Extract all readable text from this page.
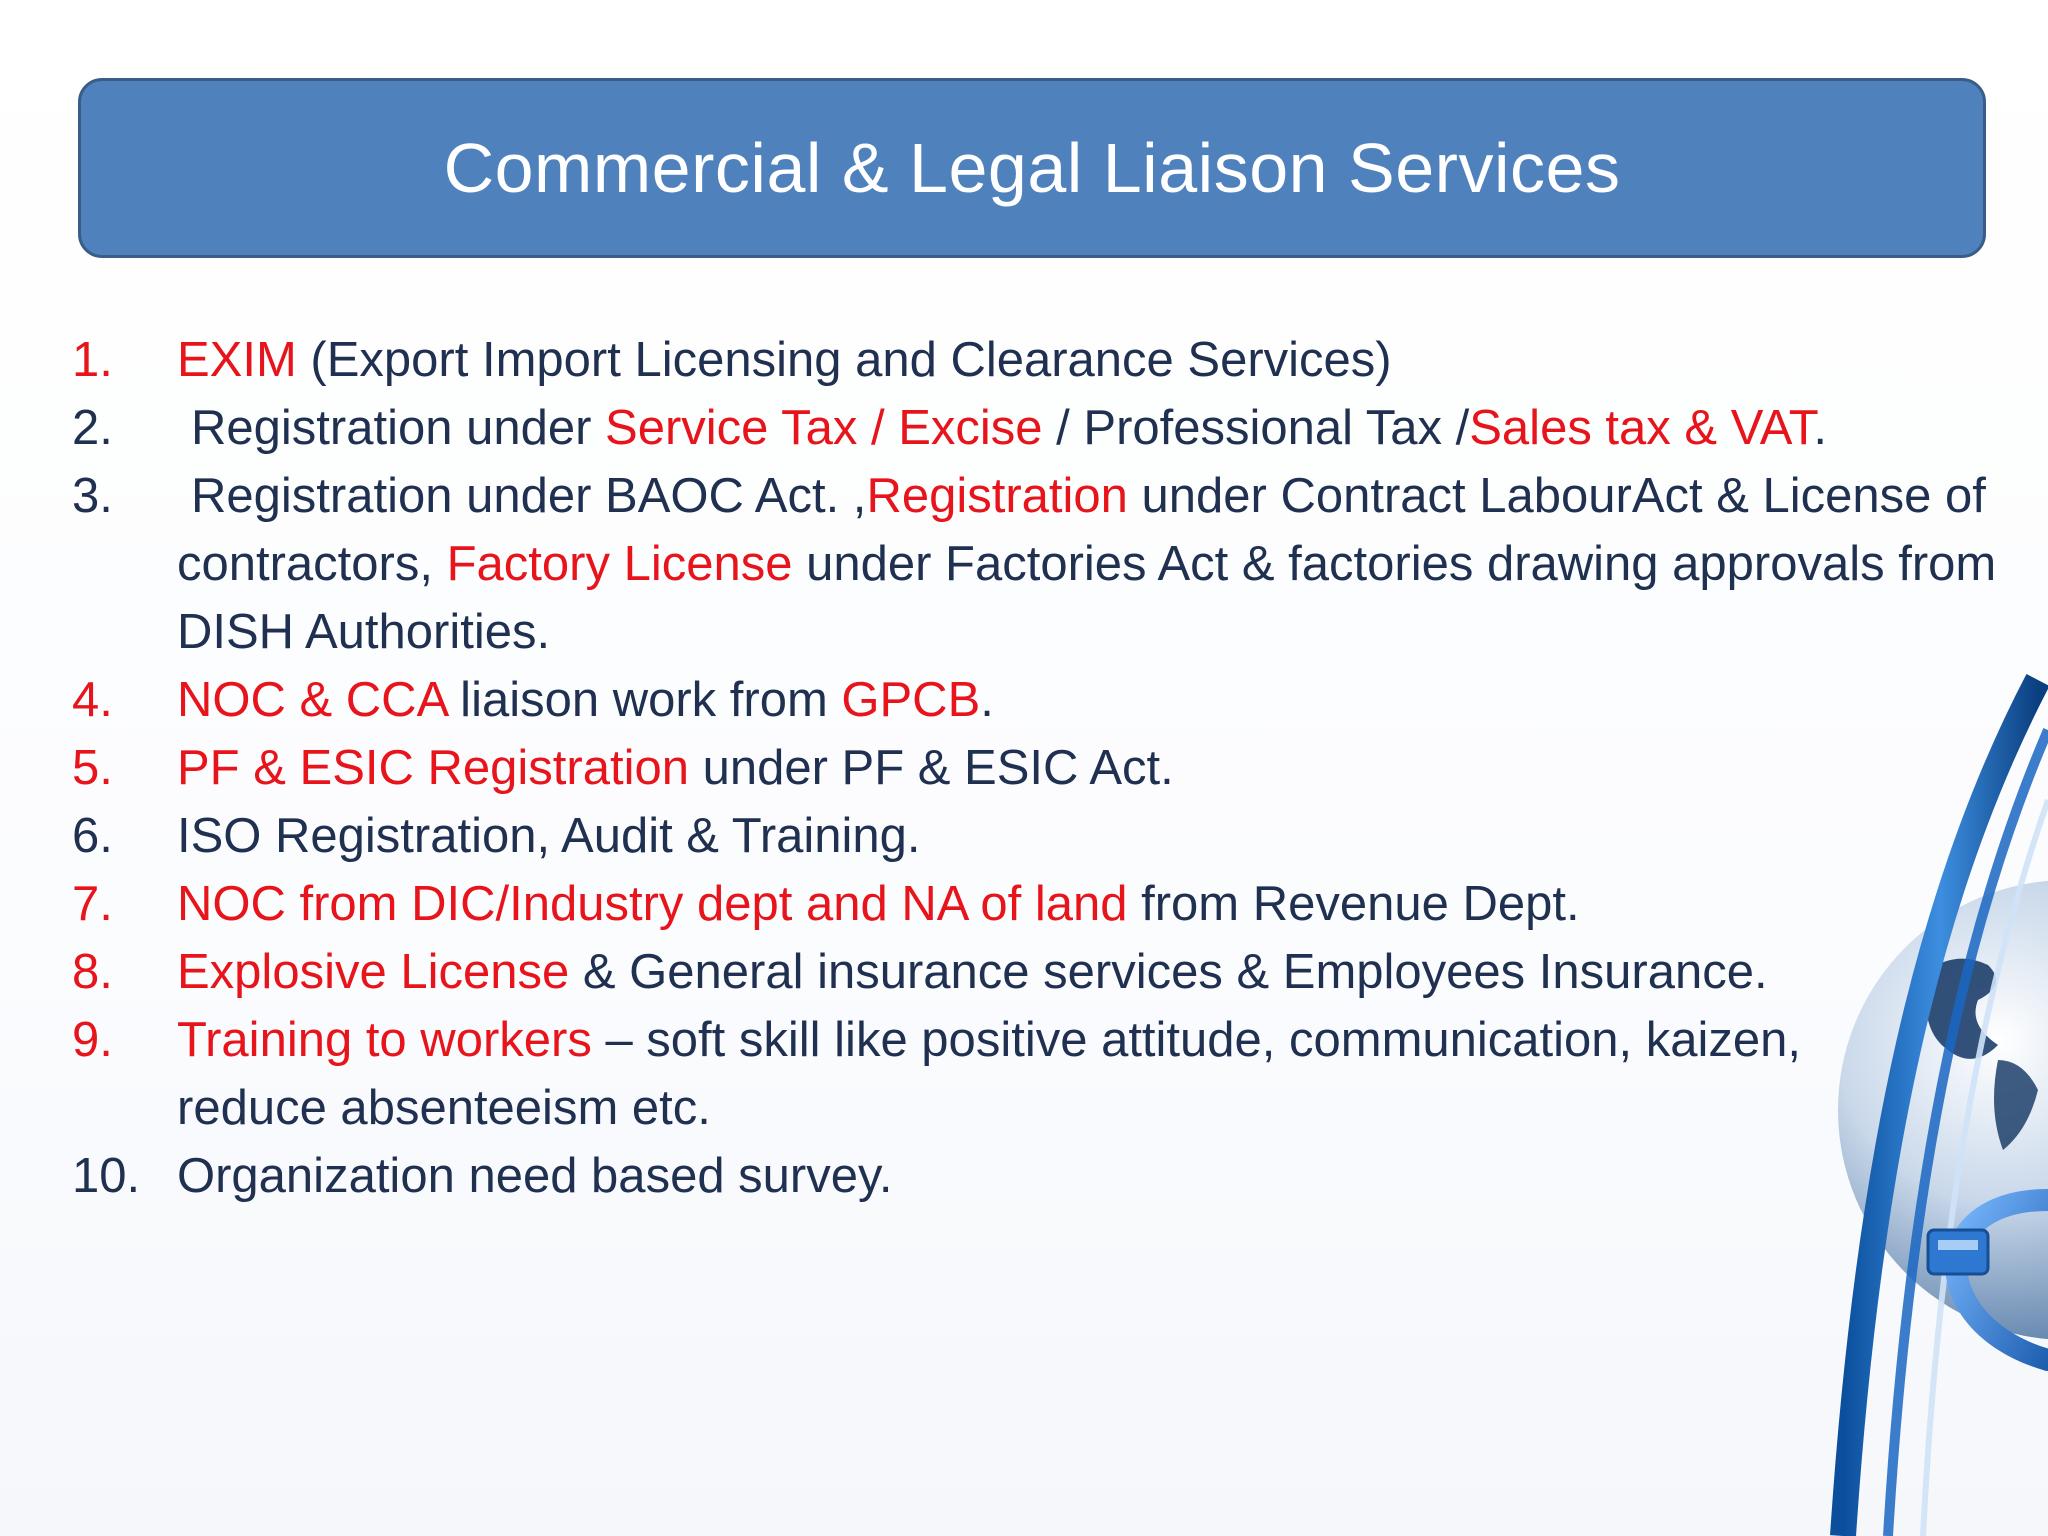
Commercial & Legal Liaison Services
1.	EXIM (Export Import Licensing and Clearance Services)
2.	Registration under Service Tax / Excise / Professional Tax /Sales tax & VAT.
3.	Registration under BAOC Act. ,Registration under Contract LabourAct & License of contractors, Factory License under Factories Act & factories drawing approvals from DISH Authorities.
4.	NOC & CCA liaison work from GPCB.
5.	PF & ESIC Registration under PF & ESIC Act.
6.	ISO Registration, Audit & Training.
7.	NOC from DIC/Industry dept and NA of land from Revenue Dept.
8.	Explosive License & General insurance services & Employees Insurance.
9.	Training to workers – soft skill like positive attitude, communication, kaizen, reduce absenteeism etc.
10. Organization need based survey.
